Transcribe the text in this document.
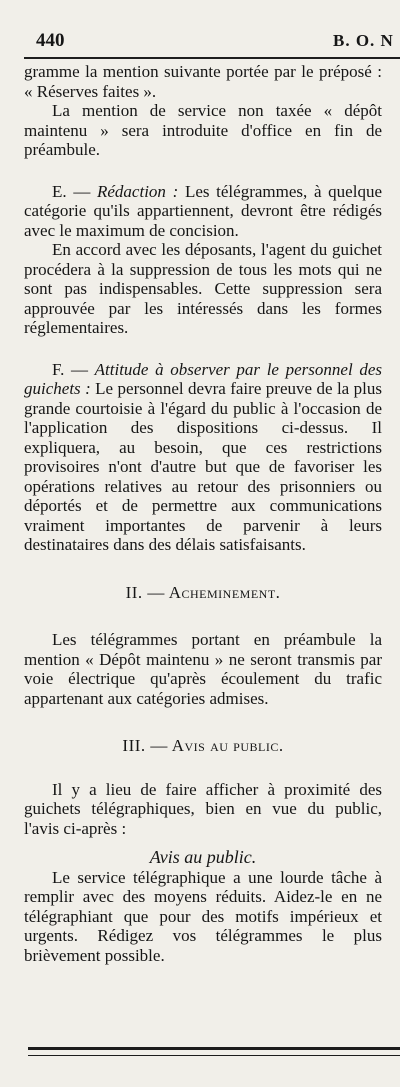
440	B. O. N

gramme la mention suivante portée par le préposé : « Réserves faites ».

La mention de service non taxée « dépôt maintenu » sera introduite d'office en fin de préambule.

E. — Rédaction : Les télégrammes, à quelque catégorie qu'ils appartiennent, devront être rédigés avec le maximum de concision.

En accord avec les déposants, l'agent du guichet procédera à la suppression de tous les mots qui ne sont pas indispensables. Cette suppression sera approuvée par les intéressés dans les formes réglementaires.

F. — Attitude à observer par le personnel des guichets : Le personnel devra faire preuve de la plus grande courtoisie à l'égard du public à l'occasion de l'application des dispositions ci-dessus. Il expliquera, au besoin, que ces restrictions provisoires n'ont d'autre but que de favoriser les opérations relatives au retour des prisonniers ou déportés et de permettre aux communications vraiment importantes de parvenir à leurs destinataires dans des délais satisfaisants.

II. — Acheminement.

Les télégrammes portant en préambule la mention « Dépôt maintenu » ne seront transmis par voie électrique qu'après écoulement du trafic appartenant aux catégories admises.

III. — Avis au public.

Il y a lieu de faire afficher à proximité des guichets télégraphiques, bien en vue du public, l'avis ci-après :

Avis au public.

Le service télégraphique a une lourde tâche à remplir avec des moyens réduits. Aidez-le en ne télégraphiant que pour des motifs impérieux et urgents. Rédigez vos télégrammes le plus brièvement possible.
